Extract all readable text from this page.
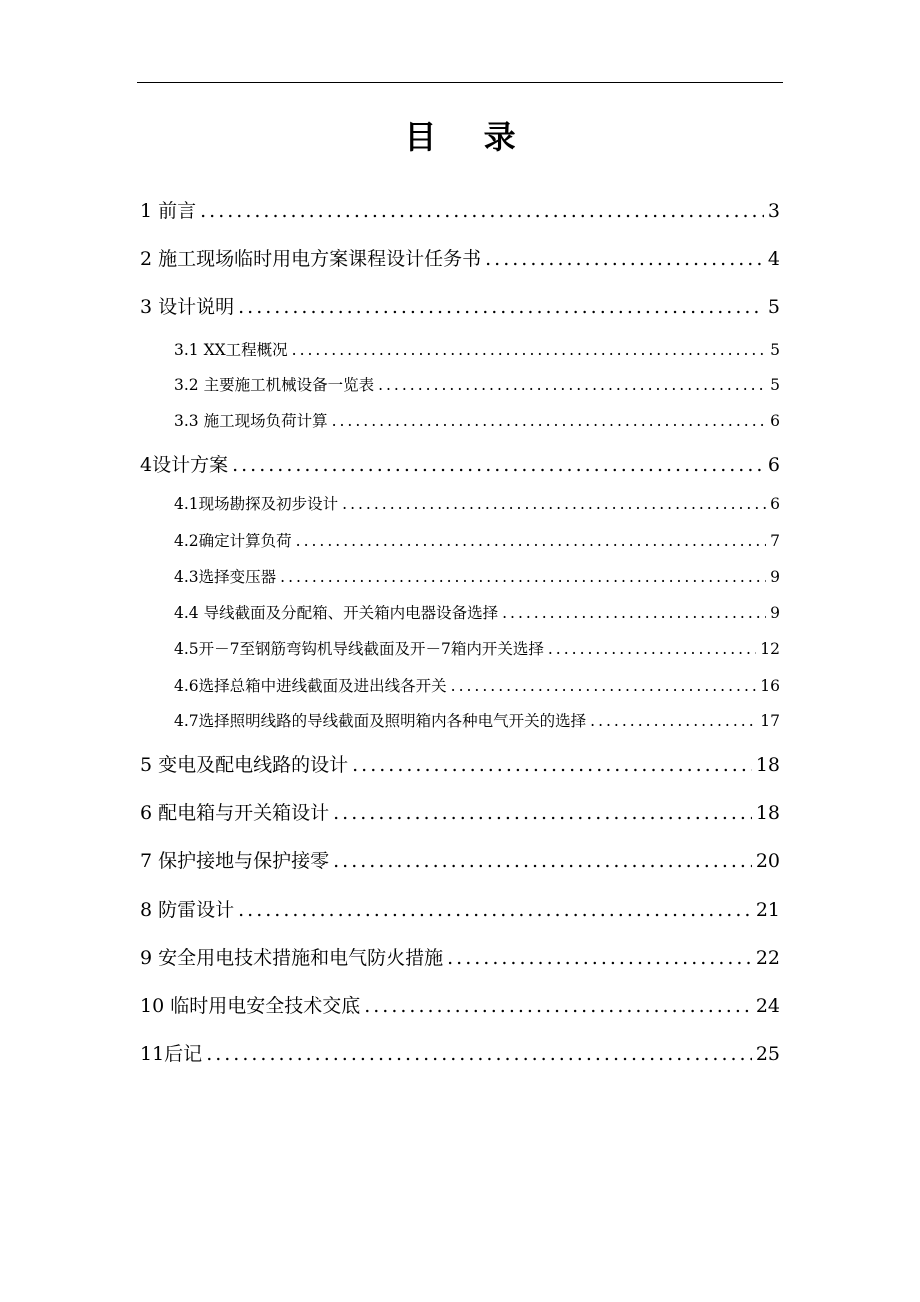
目 录
1 前言 .....	3
2 施工现场临时用电方案课程设计任务书 .....	4
3 设计说明 .....	5
3.1 XX工程概况 .....	5
3.2 主要施工机械设备一览表 .....	5
3.3 施工现场负荷计算 .....	6
4设计方案 .....	6
4.1现场勘探及初步设计 .....	6
4.2确定计算负荷 .....	7
4.3选择变压器 .....	9
4.4 导线截面及分配箱、开关箱内电器设备选择 .....	9
4.5开－7至钢筋弯钩机导线截面及开－7箱内开关选择 .....	12
4.6选择总箱中进线截面及进出线各开关 .....	16
4.7选择照明线路的导线截面及照明箱内各种电气开关的选择 .....	17
5 变电及配电线路的设计 .....	18
6 配电箱与开关箱设计 .....	18
7 保护接地与保护接零 .....	20
8 防雷设计 .....	21
9 安全用电技术措施和电气防火措施 .....	22
10 临时用电安全技术交底 .....	24
11后记 .....	25
